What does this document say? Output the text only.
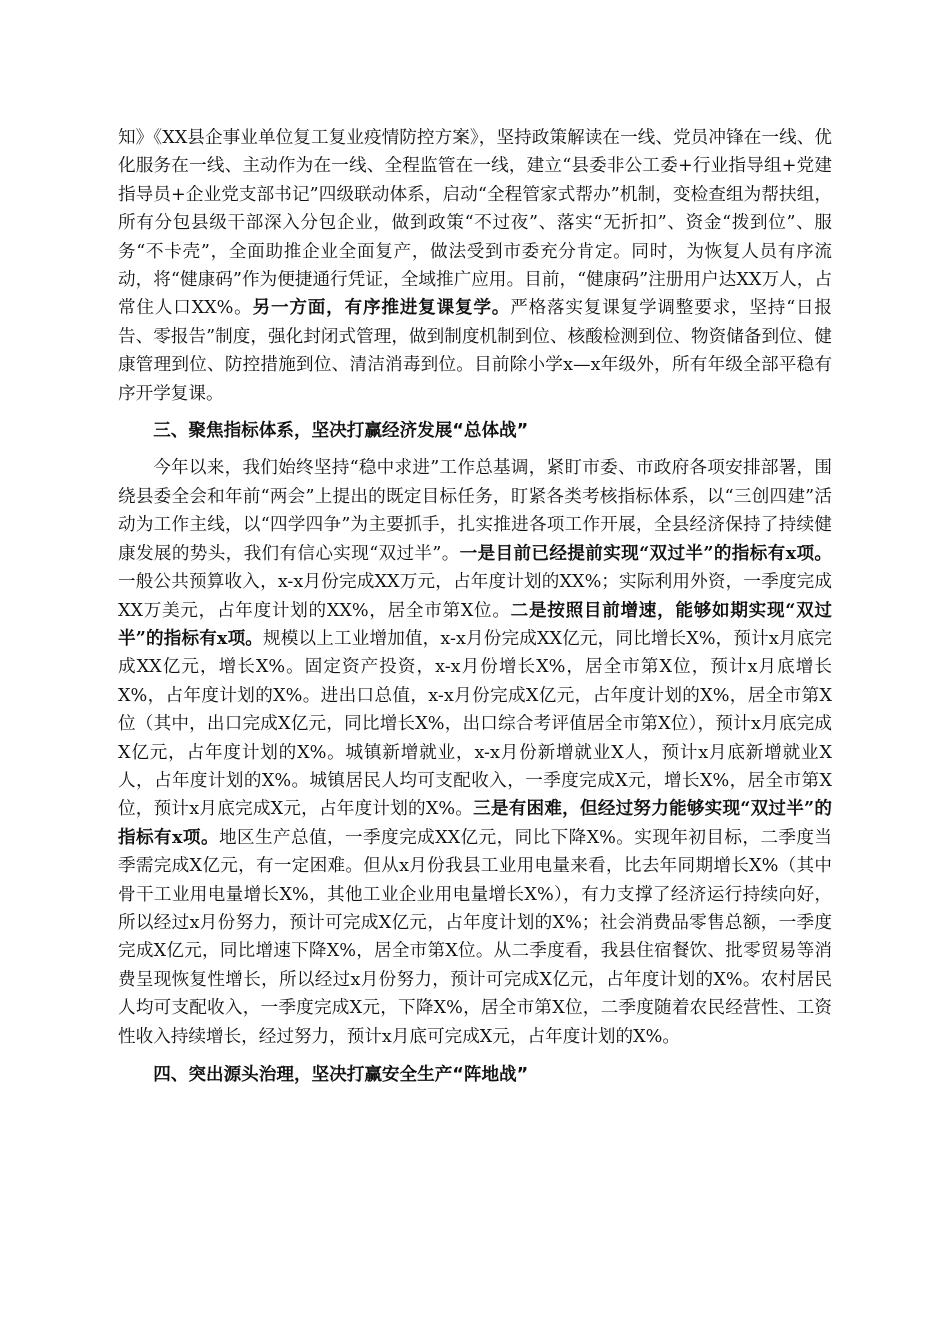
知》《XX县企事业单位复工复业疫情防控方案》，坚持政策解读在一线、党员冲锋在一线、优化服务在一线、主动作为在一线、全程监管在一线，建立“县委非公工委+行业指导组+党建指导员+企业党支部书记”四级联动体系，启动“全程管家式帮办”机制，变检查组为帮扶组，所有分包县级干部深入分包企业，做到政策“不过夜”、落实“无折扣”、资金“拨到位”、服务“不卡壳”，全面助推企业全面复产，做法受到市委充分肯定。同时，为恢复人员有序流动，将“健康码”作为便捷通行凭证，全域推广应用。目前，“健康码”注册用户达XX万人，占常住人口XX%。另一方面，有序推进复课复学。严格落实复课复学调整要求，坚持“日报告、零报告”制度，强化封闭式管理，做到制度机制到位、核酸检测到位、物资储备到位、健康管理到位、防控措施到位、清洁消毒到位。目前除小学x—x年级外，所有年级全部平稳有序开学复课。

三、聚焦指标体系，坚决打赢经济发展“总体战”

今年以来，我们始终坚持“稳中求进”工作总基调，紧盯市委、市政府各项安排部署，围绕县委全会和年前“两会”上提出的既定目标任务，盯紧各类考核指标体系，以“三创四建”活动为工作主线，以“四学四争”为主要抓手，扎实推进各项工作开展，全县经济保持了持续健康发展的势头，我们有信心实现“双过半”。一是目前已经提前实现“双过半”的指标有x项。一般公共预算收入，x-x月份完成XX万元，占年度计划的XX%；实际利用外资，一季度完成XX万美元，占年度计划的XX%，居全市第X位。二是按照目前增速，能够如期实现“双过半”的指标有x项。规模以上工业增加值，x-x月份完成XX亿元，同比增长X%，预计x月底完成XX亿元，增长X%。固定资产投资，x-x月份增长X%，居全市第X位，预计x月底增长X%，占年度计划的X%。进出口总值，x-x月份完成X亿元，占年度计划的X%，居全市第X位（其中，出口完成X亿元，同比增长X%，出口综合考评值居全市第X位），预计x月底完成X亿元，占年度计划的X%。城镇新增就业，x-x月份新增就业X人，预计x月底新增就业X人，占年度计划的X%。城镇居民人均可支配收入，一季度完成X元，增长X%，居全市第X位，预计x月底完成X元，占年度计划的X%。三是有困难，但经过努力能够实现“双过半”的指标有x项。地区生产总值，一季度完成XX亿元，同比下降X%。实现年初目标，二季度当季需完成X亿元，有一定困难。但从x月份我县工业用电量来看，比去年同期增长X%（其中骨干工业用电量增长X%，其他工业企业用电量增长X%），有力支撑了经济运行持续向好，所以经过x月份努力，预计可完成X亿元，占年度计划的X%；社会消费品零售总额，一季度完成X亿元，同比增速下降X%，居全市第X位。从二季度看，我县住宿餐饮、批零贸易等消费呈现恢复性增长，所以经过x月份努力，预计可完成X亿元，占年度计划的X%。农村居民人均可支配收入，一季度完成X元，下降X%，居全市第X位，二季度随着农民经营性、工资性收入持续增长，经过努力，预计x月底可完成X元，占年度计划的X%。

四、突出源头治理，坚决打赢安全生产“阵地战”
